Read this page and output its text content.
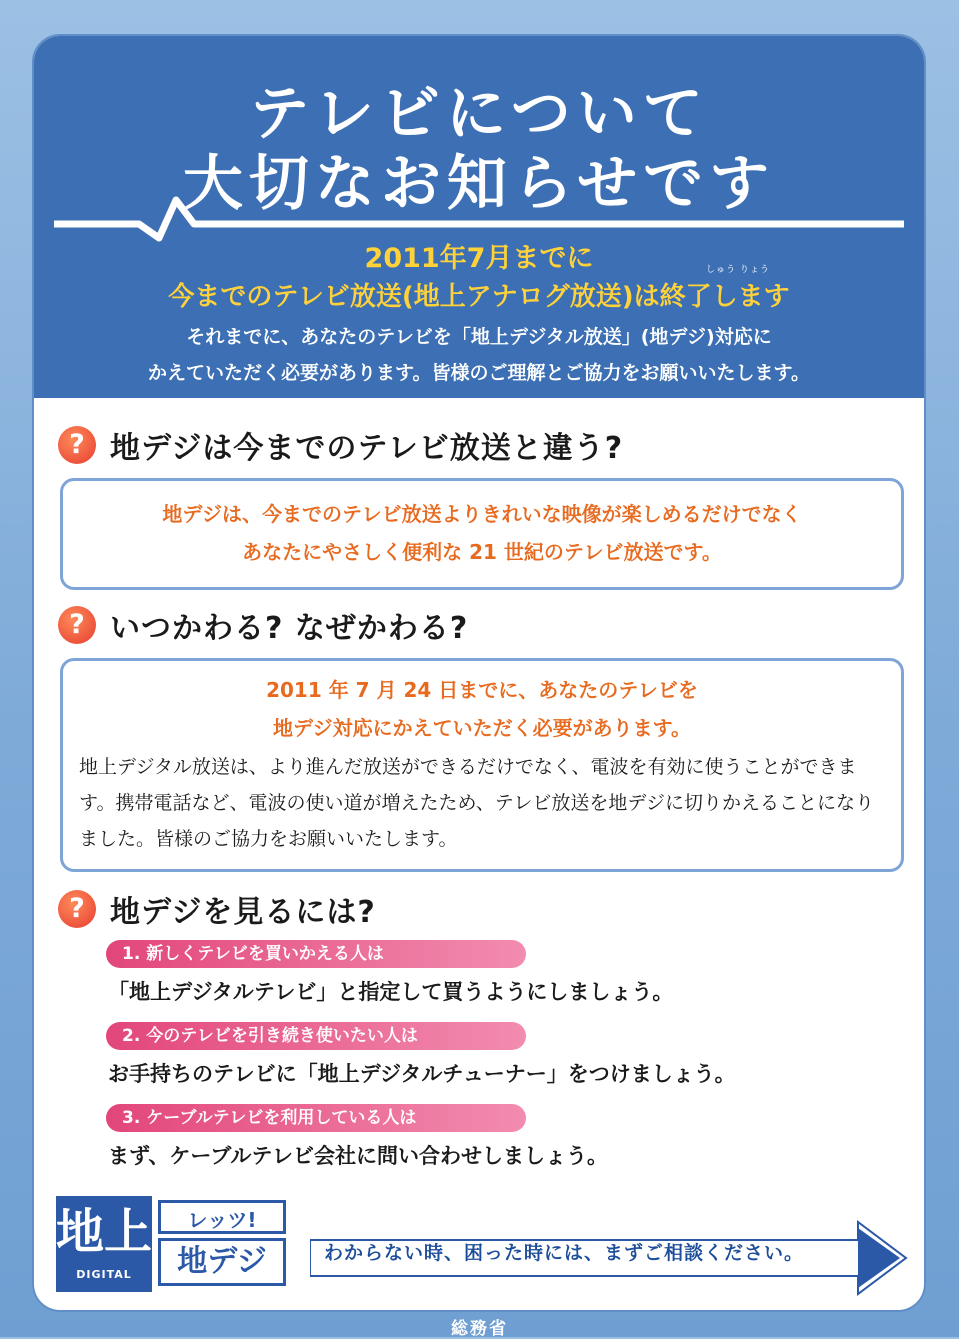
テレビについて
大切なお知らせです
2011年7月までに	しゅう りょう
今までのテレビ放送(地上アナログ放送)は終了します
それまでに、あなたのテレビを「地上デジタル放送」(地デジ)対応に
かえていただく必要があります。皆様のご理解とご協力をお願いいたします。
? 地デジは今までのテレビ放送と違う?
地デジは、今までのテレビ放送よりきれいな映像が楽しめるだけでなく
あなたにやさしく便利な 21 世紀のテレビ放送です。
? いつかわる? なぜかわる?
2011 年 7 月 24 日までに、あなたのテレビを
地デジ対応にかえていただく必要があります。
地上デジタル放送は、より進んだ放送ができるだけでなく、電波を有効に使うことができます。携帯電話など、電波の使い道が増えたため、テレビ放送を地デジに切りかえることになりました。皆様のご協力をお願いいたします。
? 地デジを見るには?
1. 新しくテレビを買いかえる人は
「地上デジタルテレビ」と指定して買うようにしましょう。
2. 今のテレビを引き続き使いたい人は
お手持ちのテレビに「地上デジタルチューナー」をつけましょう。
3. ケーブルテレビを利用している人は
まず、ケーブルテレビ会社に問い合わせしましょう。
地上
DIGITAL
レッツ!
地デジ	わからない時、困った時には、まずご相談ください。
総務省
